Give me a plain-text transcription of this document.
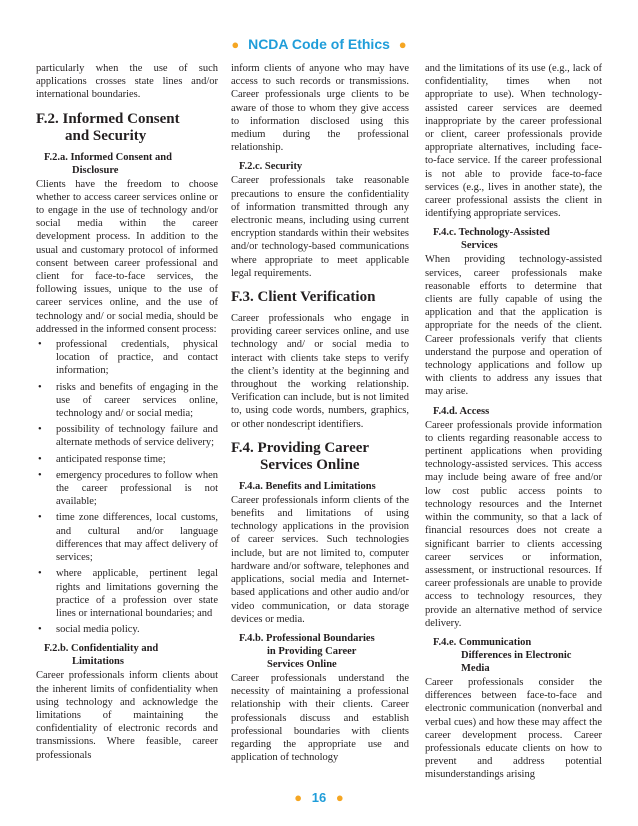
● NCDA Code of Ethics ●

particularly when the use of such applications crosses state lines and/or international boundaries.

F.2. Informed Consent
and Security
F.2.a. Informed Consent and
Disclosure

Clients have the freedom to choose whether to access career services online or to engage in the use of technology and/or social media within the career development process. In addition to the usual and customary protocol of informed consent between career professional and client for face-to-face services, the following issues, unique to the use of career services online, and the use of technology and/ or social media, should be addressed in the informed consent process:

• professional credentials, physical location of practice, and contact information;
• risks and benefits of engaging in the use of career services online, technology and/ or social media;
• possibility of technology failure and alternate methods of service delivery;
• anticipated response time;
• emergency procedures to follow when the career professional is not available;
• time zone differences, local customs, and cultural and/or language differences that may affect delivery of services;
• where applicable, pertinent legal rights and limitations governing the practice of a profession over state lines or international boundaries; and
• social media policy.
F.2.b. Confidentiality and
Limitations

Career professionals inform clients about the inherent limits of confidentiality when using technology and acknowledge the limitations of maintaining the confidentiality of electronic records and transmissions. Where feasible, career professionals

inform clients of anyone who may have access to such records or transmissions. Career professionals urge clients to be aware of those to whom they give access to information disclosed using this medium during the professional relationship.

F.2.c. Security

Career professionals take reasonable precautions to ensure the confidentiality of information transmitted through any electronic means, including using current encryption standards within their websites and/or technology-based communications where appropriate to meet applicable legal requirements.

F.3. Client Verification

Career professionals who engage in providing career services online, and use technology and/ or social media to interact with clients take steps to verify the client’s identity at the beginning and throughout the working relationship. Verification can include, but is not limited to, using code words, numbers, graphics, or other nondescript identifiers.

F.4. Providing Career
Services Online
F.4.a. Benefits and Limitations

Career professionals inform clients of the benefits and limitations of using technology applications in the provision of career services. Such technologies include, but are not limited to, computer hardware and/or software, telephones and applications, social media and Internet-based applications and other audio and/or video communication, or data storage devices or media.

F.4.b. Professional Boundaries
in Providing Career
Services Online

Career professionals understand the necessity of maintaining a professional relationship with their clients. Career professionals discuss and establish professional boundaries with clients regarding the appropriate use and application of technology

and the limitations of its use (e.g., lack of confidentiality, times when not appropriate to use). When technology-assisted career services are deemed inappropriate by the career professional or client, career professionals provide appropriate alternatives, including face-to-face service. If the career professional is not able to provide face-to-face services (e.g., lives in another state), the career professional assists the client in identifying appropriate services.

F.4.c. Technology-Assisted
Services

When providing technology-assisted services, career professionals make reasonable efforts to determine that clients are fully capable of using the application and that the application is appropriate for the needs of the client. Career professionals verify that clients understand the purpose and operation of technology applications and follow up with clients to address any issues that may arise.

F.4.d. Access

Career professionals provide information to clients regarding reasonable access to pertinent applications when providing technology-assisted services. This access may include being aware of free and/or low cost public access points to technology resources and the Internet within the community, so that a lack of financial resources does not create a significant barrier to clients accessing career services or information, assessment, or instructional resources. If career professionals are unable to provide access to technology resources, they provide an alternative method of service delivery.

F.4.e. Communication
Differences in Electronic
Media

Career professionals consider the differences between face-to-face and electronic communication (nonverbal and verbal cues) and how these may affect the career development process. Career professionals educate clients on how to prevent and address potential misunderstandings arising

● 16 ●
